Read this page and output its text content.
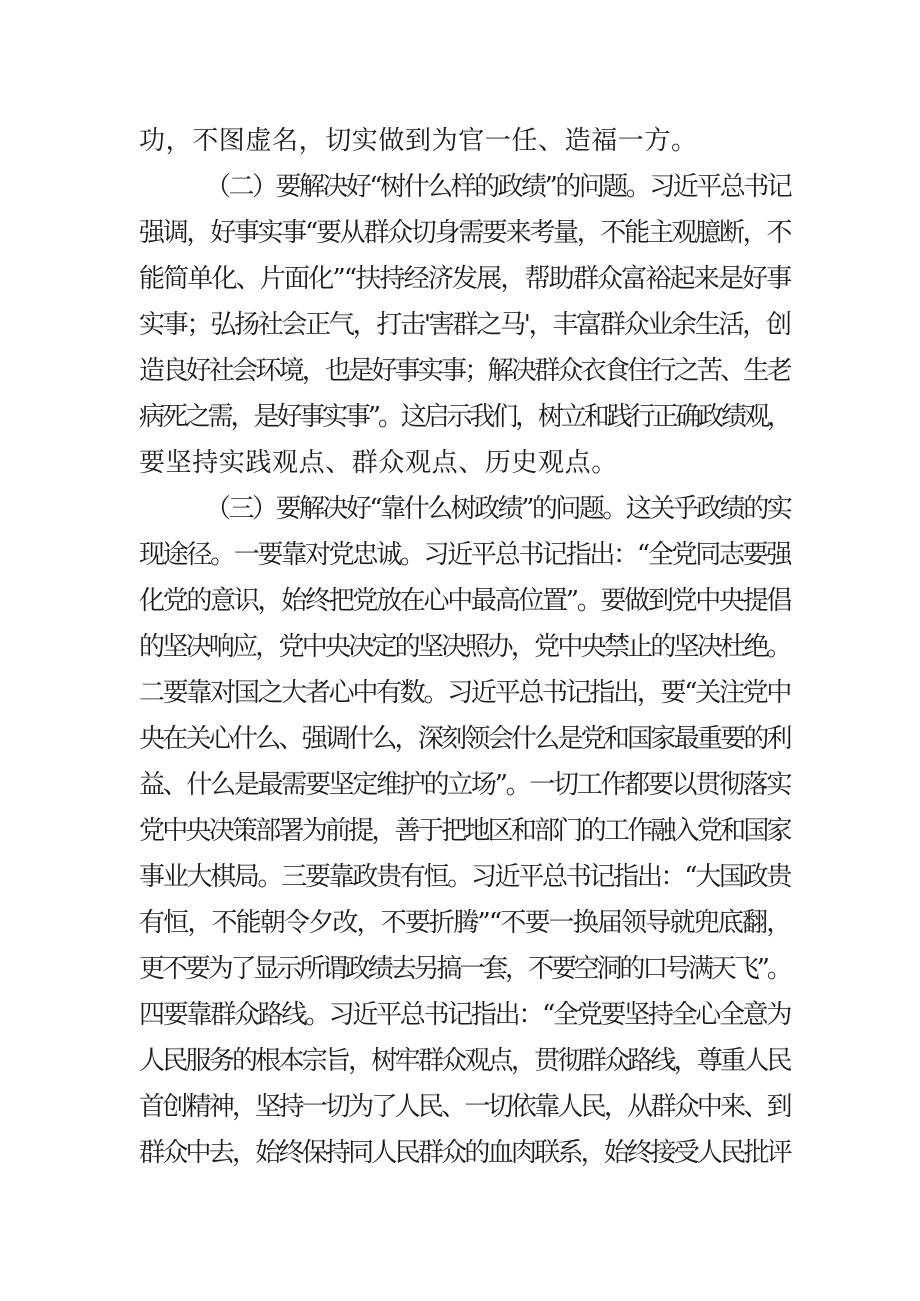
功，不图虚名，切实做到为官一任、造福一方。
（二）要解决好“树什么样的政绩”的问题。习近平总书记
强调，好事实事“要从群众切身需要来考量，不能主观臆断，不
能简单化、片面化”“扶持经济发展，帮助群众富裕起来是好事
实事；弘扬社会正气，打击'害群之马'，丰富群众业余生活，创
造良好社会环境，也是好事实事；解决群众衣食住行之苦、生老
病死之需，是好事实事”。这启示我们，树立和践行正确政绩观，
要坚持实践观点、群众观点、历史观点。
（三）要解决好“靠什么树政绩”的问题。这关乎政绩的实
现途径。一要靠对党忠诚。习近平总书记指出：“全党同志要强
化党的意识，始终把党放在心中最高位置”。要做到党中央提倡
的坚决响应，党中央决定的坚决照办，党中央禁止的坚决杜绝。
二要靠对国之大者心中有数。习近平总书记指出，要“关注党中
央在关心什么、强调什么，深刻领会什么是党和国家最重要的利
益、什么是最需要坚定维护的立场”。一切工作都要以贯彻落实
党中央决策部署为前提，善于把地区和部门的工作融入党和国家
事业大棋局。三要靠政贵有恒。习近平总书记指出：“大国政贵
有恒，不能朝令夕改，不要折腾”“不要一换届领导就兜底翻，
更不要为了显示所谓政绩去另搞一套，不要空洞的口号满天飞”。
四要靠群众路线。习近平总书记指出：“全党要坚持全心全意为
人民服务的根本宗旨，树牢群众观点，贯彻群众路线，尊重人民
首创精神，坚持一切为了人民、一切依靠人民，从群众中来、到
群众中去，始终保持同人民群众的血肉联系，始终接受人民批评
